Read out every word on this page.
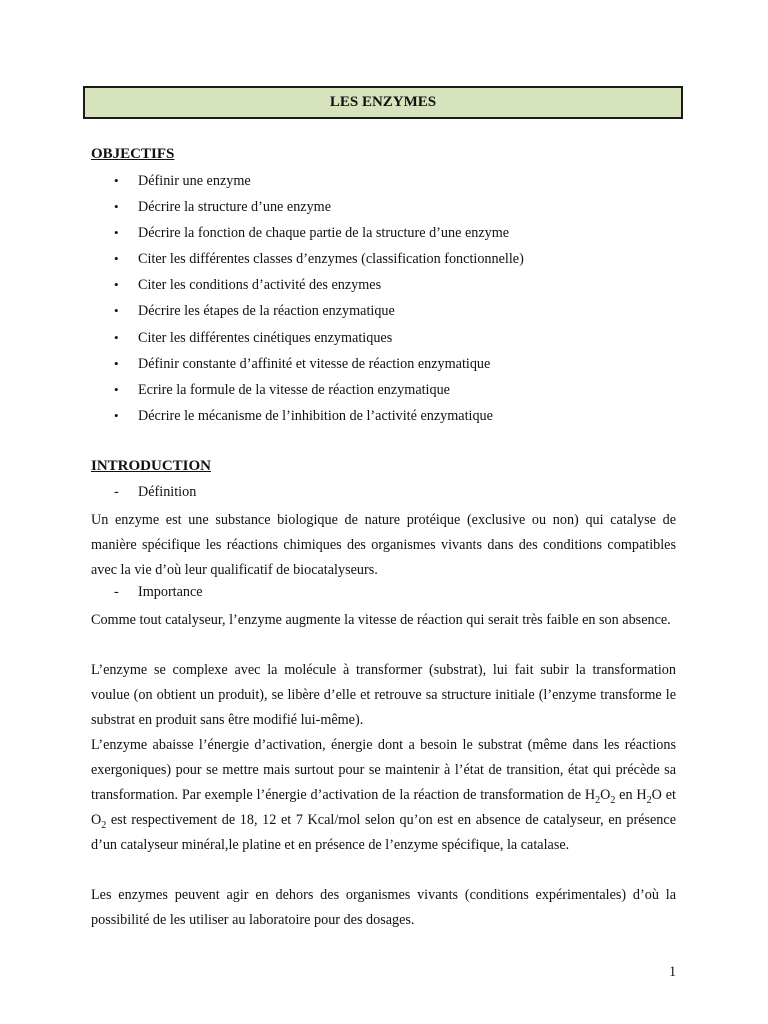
LES ENZYMES
OBJECTIFS
• Définir une enzyme
• Décrire la structure d’une enzyme
• Décrire la fonction de chaque partie de la structure d’une enzyme
• Citer les différentes classes d’enzymes (classification fonctionnelle)
• Citer les conditions d’activité des enzymes
• Décrire les étapes de la réaction enzymatique
• Citer les différentes cinétiques enzymatiques
• Définir constante d’affinité et vitesse de réaction enzymatique
• Ecrire la formule de la vitesse de réaction enzymatique
• Décrire le mécanisme de l’inhibition de l’activité enzymatique
INTRODUCTION
- Définition

Un enzyme est une substance biologique de nature protéique (exclusive ou non) qui catalyse de manière spécifique les réactions chimiques des organismes vivants dans des conditions compatibles avec la vie d’où leur qualificatif de biocatalyseurs.

- Importance

Comme tout catalyseur, l’enzyme augmente la vitesse de réaction qui serait très faible en son absence.

L’enzyme se complexe avec la molécule à transformer (substrat), lui fait subir la transformation voulue (on obtient un produit), se libère d’elle et retrouve sa structure initiale (l’enzyme transforme le substrat en produit sans être modifié lui-même).

L’enzyme abaisse l’énergie d’activation, énergie dont a besoin le substrat (même dans les réactions exergoniques) pour se mettre mais surtout pour se maintenir à l’état de transition, état qui précède sa transformation. Par exemple l’énergie d’activation de la réaction de transformation de $H_2O_2$ en $H_2O$ et $O_2$ est respectivement de 18, 12 et 7 Kcal/mol selon qu’on est en absence de catalyseur, en présence d’un catalyseur minéral,le platine et en présence de l’enzyme spécifique, la catalase.

Les enzymes peuvent agir en dehors des organismes vivants (conditions expérimentales) d’où la possibilité de les utiliser au laboratoire pour des dosages.

1
